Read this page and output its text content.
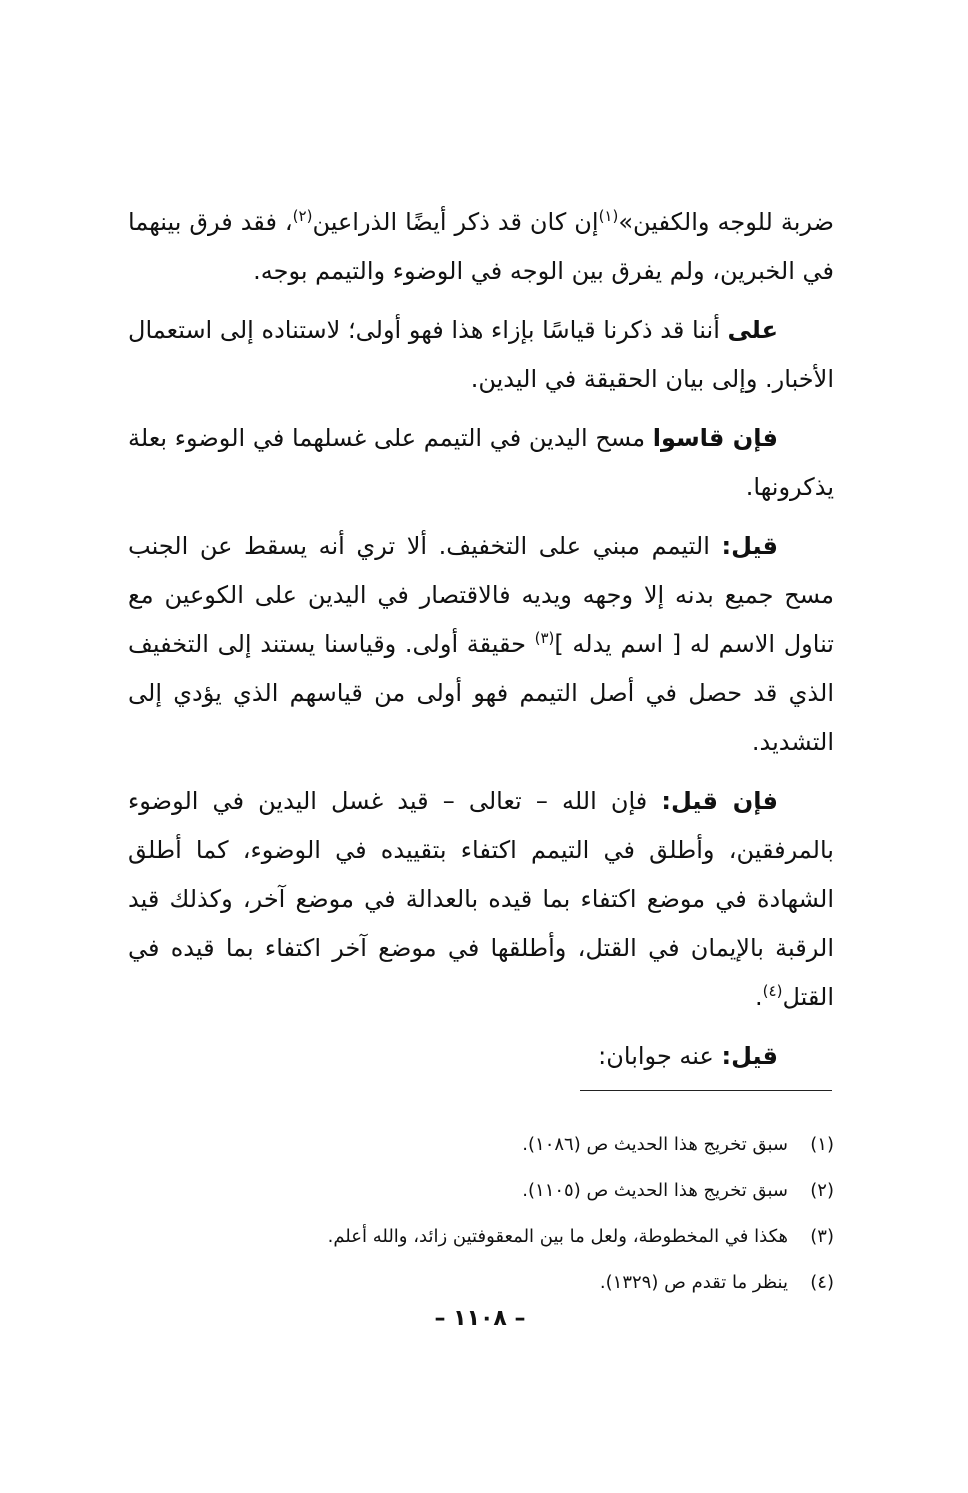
ضربة للوجه والكفين»$^{(١)}$إن كان قد ذكر أيضًا الذراعين$^{(٢)}$، فقد فرق بينهما في الخبرين، ولم يفرق بين الوجه في الوضوء والتيمم بوجه.

على أننا قد ذكرنا قياسًا بإزاء هذا فهو أولى؛ لاستناده إلى استعمال الأخبار. وإلى بيان الحقيقة في اليدين.

فإن قاسوا مسح اليدين في التيمم على غسلهما في الوضوء بعلة يذكرونها.

قيل: التيمم مبني على التخفيف. ألا تري أنه يسقط عن الجنب مسح جميع بدنه إلا وجهه ويديه فالاقتصار في اليدين على الكوعين مع تناول الاسم له [ اسم يدله ]$^{(٣)}$ حقيقة أولى. وقياسنا يستند إلى التخفيف الذي قد حصل في أصل التيمم فهو أولى من قياسهم الذي يؤدي إلى التشديد.

فإن قيل: فإن الله – تعالى – قيد غسل اليدين في الوضوء بالمرفقين، وأطلق في التيمم اكتفاء بتقييده في الوضوء، كما أطلق الشهادة في موضع اكتفاء بما قيده بالعدالة في موضع آخر، وكذلك قيد الرقبة بالإيمان في القتل، وأطلقها في موضع آخر اكتفاء بما قيده في القتل$^{(٤)}$.

قيل: عنه جوابان:

(١)
سبق تخريج هذا الحديث ص (١٠٨٦).
(٢)
سبق تخريج هذا الحديث ص (١١٠٥).
(٣)
هكذا في المخطوطة، ولعل ما بين المعقوفتين زائد، والله أعلم.
(٤)
ينظر ما تقدم ص (١٣٢٩).
– ١١٠٨ –
